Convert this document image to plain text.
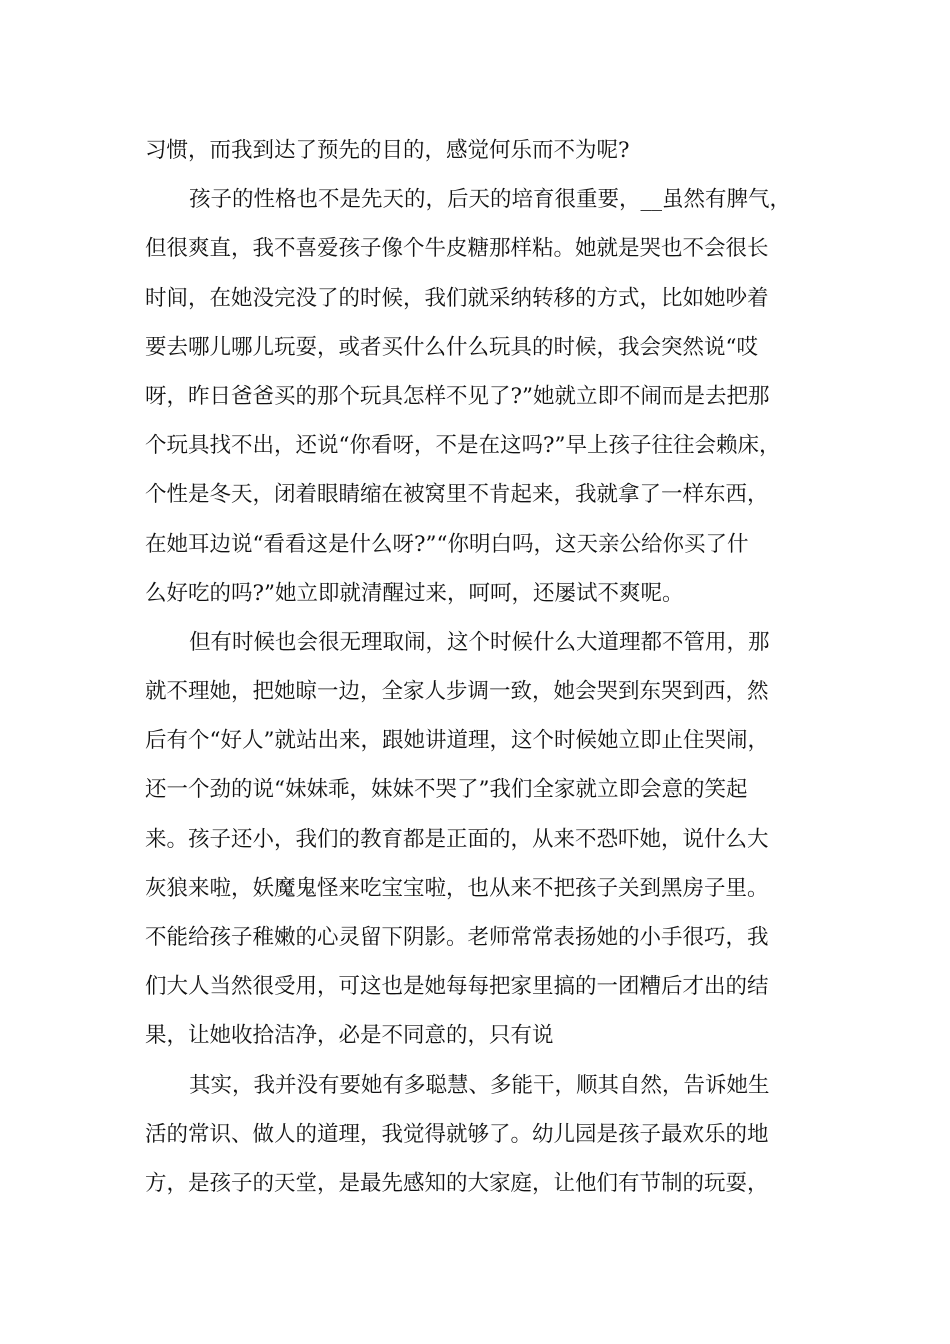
习惯，而我到达了预先的目的，感觉何乐而不为呢?
孩子的性格也不是先天的，后天的培育很重要，__虽然有脾气，
但很爽直，我不喜爱孩子像个牛皮糖那样粘。她就是哭也不会很长
时间，在她没完没了的时候，我们就采纳转移的方式，比如她吵着
要去哪儿哪儿玩耍，或者买什么什么玩具的时候，我会突然说“哎
呀，昨日爸爸买的那个玩具怎样不见了?”她就立即不闹而是去把那
个玩具找不出，还说“你看呀，不是在这吗?”早上孩子往往会赖床，
个性是冬天，闭着眼睛缩在被窝里不肯起来，我就拿了一样东西，
在她耳边说“看看这是什么呀?”“你明白吗，这天亲公给你买了什
么好吃的吗?”她立即就清醒过来，呵呵，还屡试不爽呢。
但有时候也会很无理取闹，这个时候什么大道理都不管用，那
就不理她，把她晾一边，全家人步调一致，她会哭到东哭到西，然
后有个“好人”就站出来，跟她讲道理，这个时候她立即止住哭闹，
还一个劲的说“妹妹乖，妹妹不哭了”我们全家就立即会意的笑起
来。孩子还小，我们的教育都是正面的，从来不恐吓她，说什么大
灰狼来啦，妖魔鬼怪来吃宝宝啦，也从来不把孩子关到黑房子里。
不能给孩子稚嫩的心灵留下阴影。老师常常表扬她的小手很巧，我
们大人当然很受用，可这也是她每每把家里搞的一团糟后才出的结
果，让她收拾洁净，必是不同意的，只有说
其实，我并没有要她有多聪慧、多能干，顺其自然，告诉她生
活的常识、做人的道理，我觉得就够了。幼儿园是孩子最欢乐的地
方，是孩子的天堂，是最先感知的大家庭，让他们有节制的玩耍，
